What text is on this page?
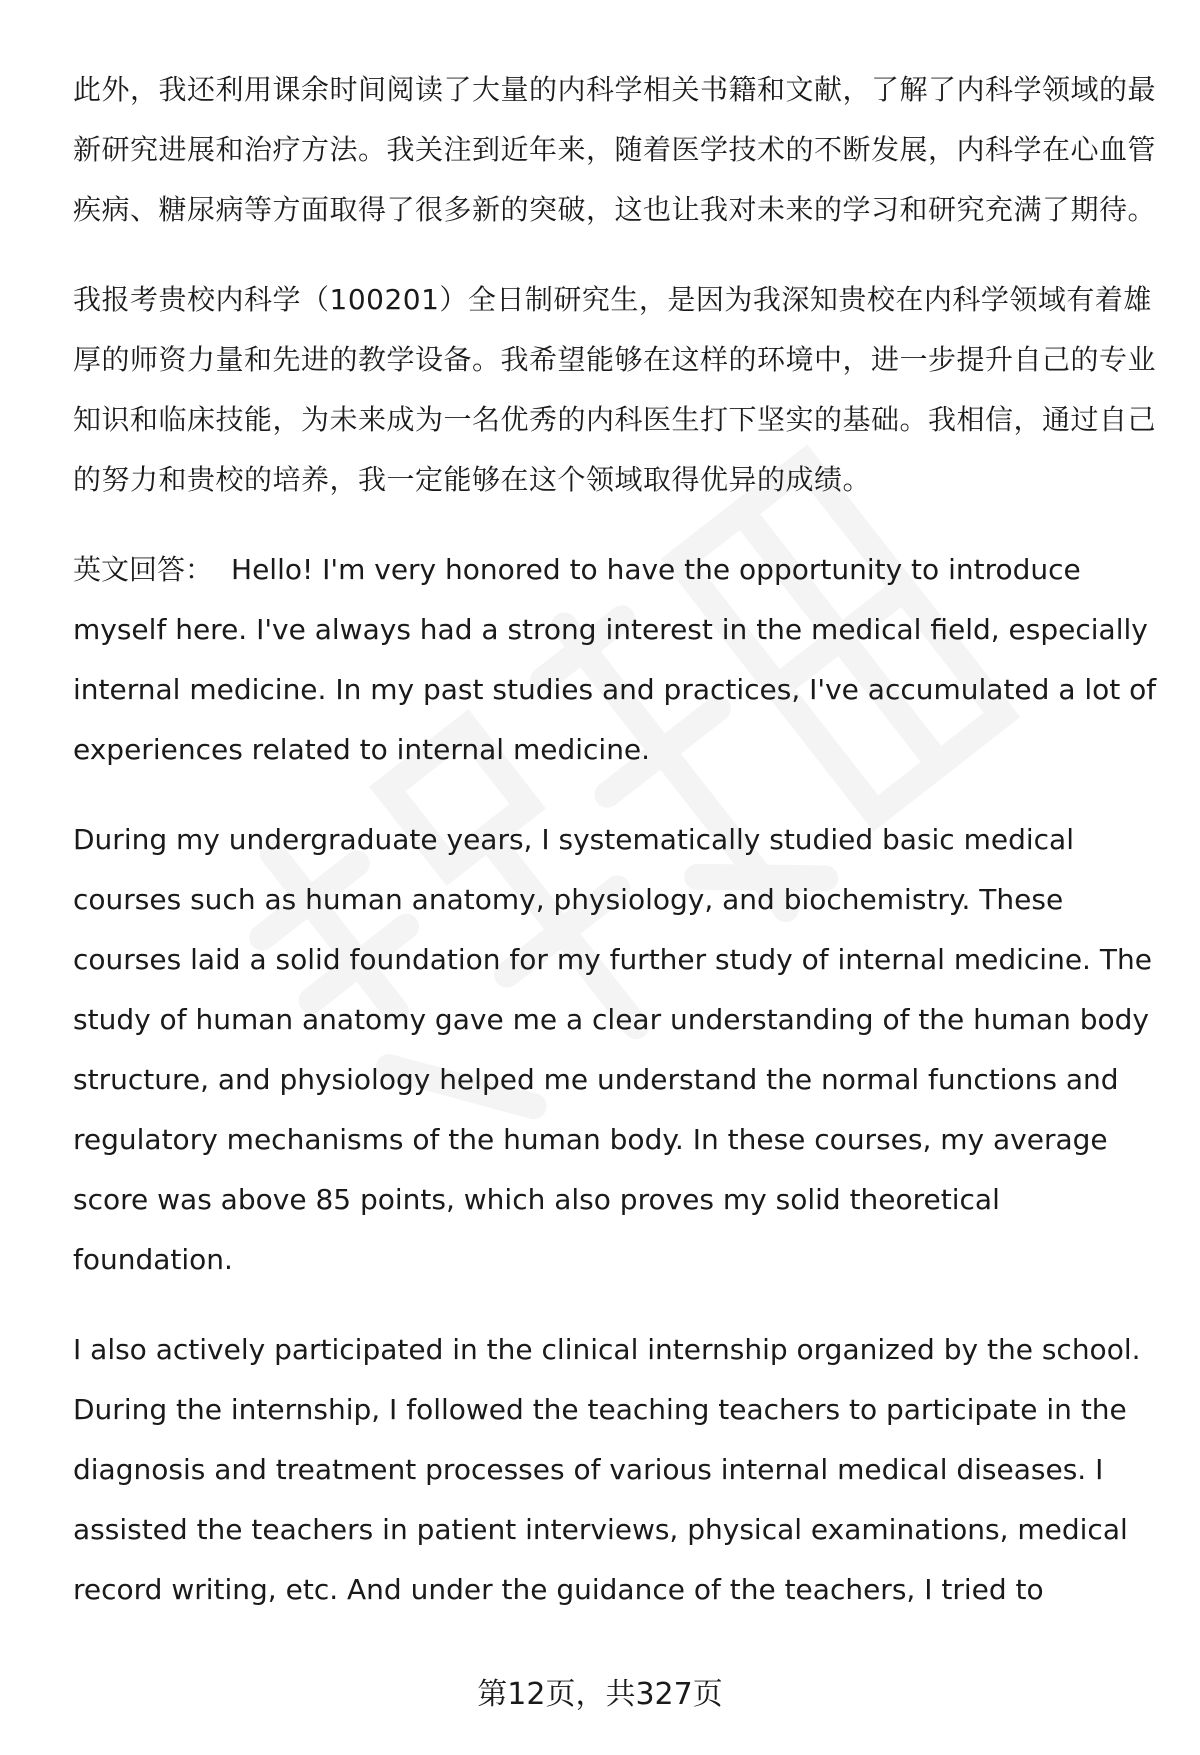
此外，我还利用课余时间阅读了大量的内科学相关书籍和文献，了解了内科学领域的最新研究进展和治疗方法。我关注到近年来，随着医学技术的不断发展，内科学在心血管疾病、糖尿病等方面取得了很多新的突破，这也让我对未来的学习和研究充满了期待。

我报考贵校内科学（100201）全日制研究生，是因为我深知贵校在内科学领域有着雄厚的师资力量和先进的教学设备。我希望能够在这样的环境中，进一步提升自己的专业知识和临床技能，为未来成为一名优秀的内科医生打下坚实的基础。我相信，通过自己的努力和贵校的培养，我一定能够在这个领域取得优异的成绩。

英文回答： Hello! I'm very honored to have the opportunity to introduce myself here. I've always had a strong interest in the medical field, especially internal medicine. In my past studies and practices, I've accumulated a lot of experiences related to internal medicine.

During my undergraduate years, I systematically studied basic medical courses such as human anatomy, physiology, and biochemistry. These courses laid a solid foundation for my further study of internal medicine. The study of human anatomy gave me a clear understanding of the human body structure, and physiology helped me understand the normal functions and regulatory mechanisms of the human body. In these courses, my average score was above 85 points, which also proves my solid theoretical foundation.

I also actively participated in the clinical internship organized by the school. During the internship, I followed the teaching teachers to participate in the diagnosis and treatment processes of various internal medical diseases. I assisted the teachers in patient interviews, physical examinations, medical record writing, etc. And under the guidance of the teachers, I tried to

第12页，共327页
